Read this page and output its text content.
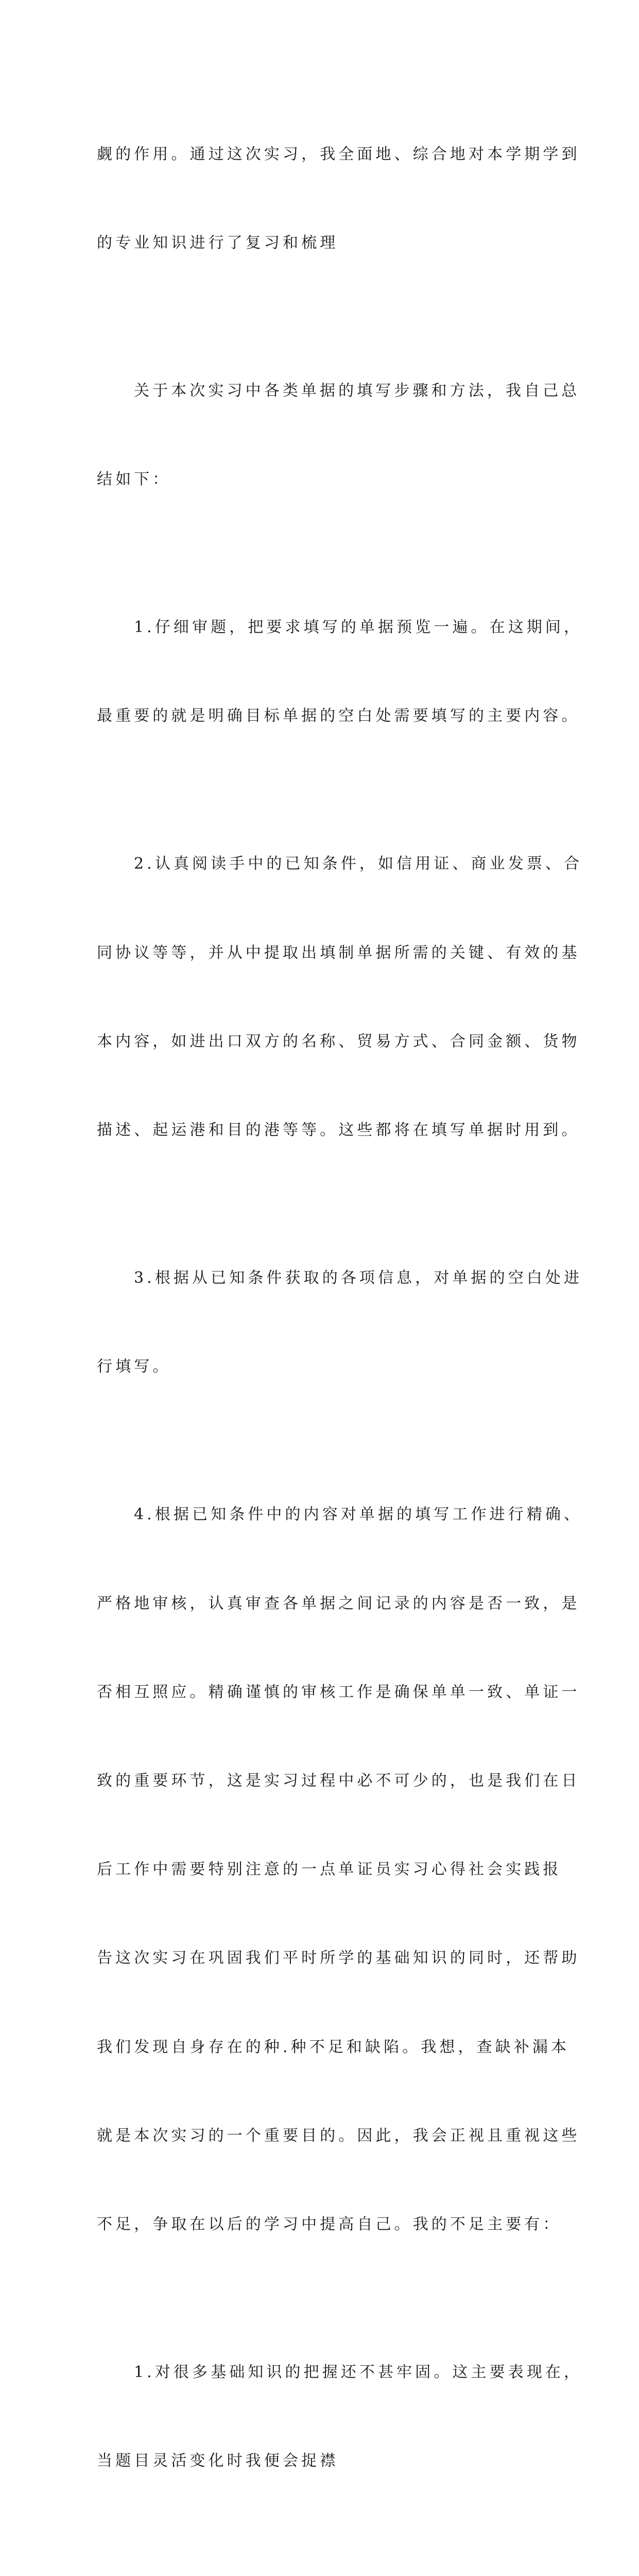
觑的作用。通过这次实习，我全面地、综合地对本学期学到

的专业知识进行了复习和梳理

关于本次实习中各类单据的填写步骤和方法，我自己总

结如下：

1.仔细审题，把要求填写的单据预览一遍。在这期间，

最重要的就是明确目标单据的空白处需要填写的主要内容。

2.认真阅读手中的已知条件，如信用证、商业发票、合

同协议等等，并从中提取出填制单据所需的关键、有效的基

本内容，如进出口双方的名称、贸易方式、合同金额、货物

描述、起运港和目的港等等。这些都将在填写单据时用到。

3.根据从已知条件获取的各项信息，对单据的空白处进

行填写。

4.根据已知条件中的内容对单据的填写工作进行精确、

严格地审核，认真审查各单据之间记录的内容是否一致，是

否相互照应。精确谨慎的审核工作是确保单单一致、单证一

致的重要环节，这是实习过程中必不可少的，也是我们在日

后工作中需要特别注意的一点单证员实习心得社会实践报

告这次实习在巩固我们平时所学的基础知识的同时，还帮助

我们发现自身存在的种.种不足和缺陷。我想，查缺补漏本

就是本次实习的一个重要目的。因此，我会正视且重视这些

不足，争取在以后的学习中提高自己。我的不足主要有：

1.对很多基础知识的把握还不甚牢固。这主要表现在，

当题目灵活变化时我便会捉襟
